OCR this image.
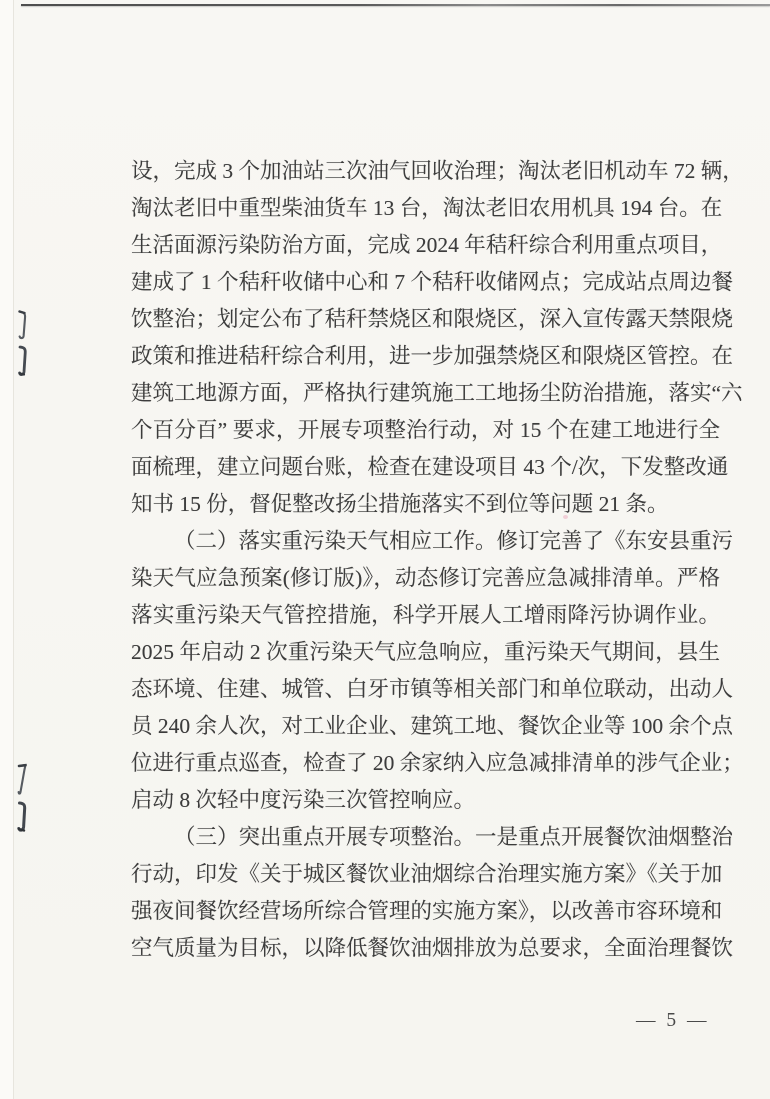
设，完成 3 个加油站三次油气回收治理；淘汰老旧机动车 72 辆，
淘汰老旧中重型柴油货车 13 台，淘汰老旧农用机具 194 台。在
生活面源污染防治方面，完成 2024 年秸秆综合利用重点项目，
建成了 1 个秸秆收储中心和 7 个秸秆收储网点；完成站点周边餐
饮整治；划定公布了秸秆禁烧区和限烧区，深入宣传露天禁限烧
政策和推进秸秆综合利用，进一步加强禁烧区和限烧区管控。在
建筑工地源方面，严格执行建筑施工工地扬尘防治措施，落实“六
个百分百” 要求，开展专项整治行动，对 15 个在建工地进行全
面梳理，建立问题台账，检查在建设项目 43 个/次，下发整改通
知书 15 份，督促整改扬尘措施落实不到位等问题 21 条。
（二）落实重污染天气相应工作。修订完善了《东安县重污
染天气应急预案(修订版)》，动态修订完善应急减排清单。严格
落实重污染天气管控措施，科学开展人工增雨降污协调作业。
2025 年启动 2 次重污染天气应急响应，重污染天气期间，县生
态环境、住建、城管、白牙市镇等相关部门和单位联动，出动人
员 240 余人次，对工业企业、建筑工地、餐饮企业等 100 余个点
位进行重点巡查，检查了 20 余家纳入应急减排清单的涉气企业；
启动 8 次轻中度污染三次管控响应。
（三）突出重点开展专项整治。一是重点开展餐饮油烟整治
行动，印发《关于城区餐饮业油烟综合治理实施方案》《关于加
强夜间餐饮经营场所综合管理的实施方案》，以改善市容环境和
空气质量为目标，以降低餐饮油烟排放为总要求，全面治理餐饮
— 5 —
